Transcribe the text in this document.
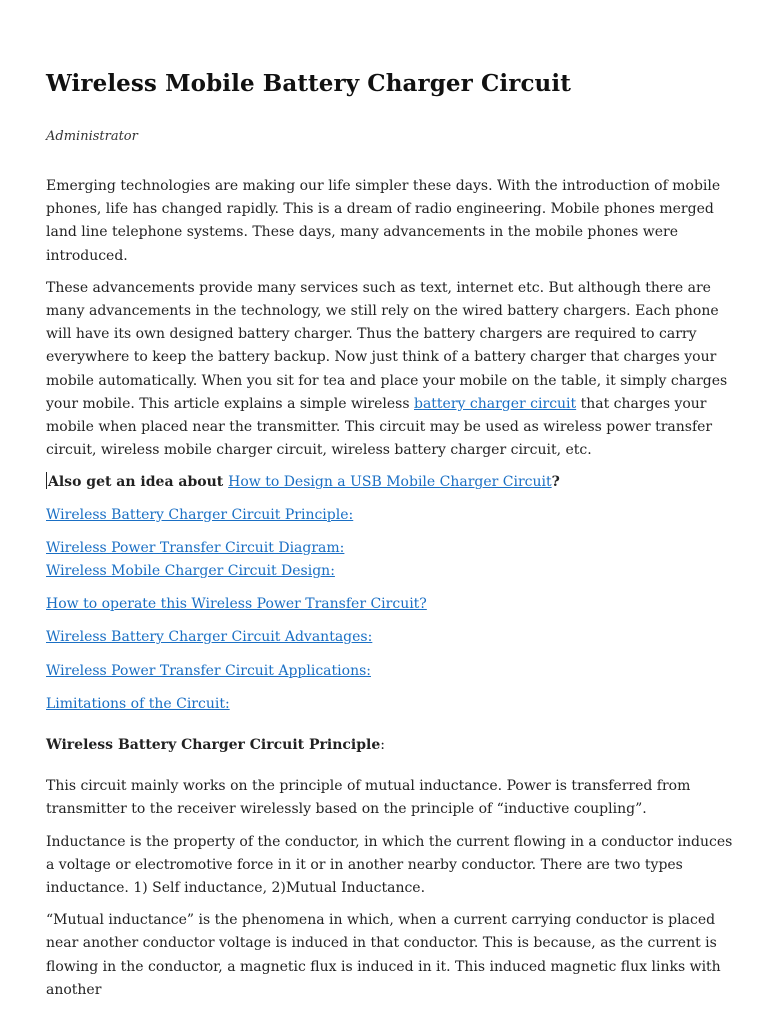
Wireless Mobile Battery Charger Circuit
Administrator

Emerging technologies are making our life simpler these days. With the introduction of mobile phones, life has changed rapidly. This is a dream of radio engineering. Mobile phones merged land line telephone systems. These days, many advancements in the mobile phones were introduced.

These advancements provide many services such as text, internet etc. But although there are many advancements in the technology, we still rely on the wired battery chargers. Each phone will have its own designed battery charger. Thus the battery chargers are required to carry everywhere to keep the battery backup. Now just think of a battery charger that charges your mobile automatically. When you sit for tea and place your mobile on the table, it simply charges your mobile. This article explains a simple wireless battery charger circuit that charges your mobile when placed near the transmitter. This circuit may be used as wireless power transfer circuit, wireless mobile charger circuit, wireless battery charger circuit, etc.

Also get an idea about How to Design a USB Mobile Charger Circuit?

Wireless Battery Charger Circuit Principle:
Wireless Power Transfer Circuit Diagram:
Wireless Mobile Charger Circuit Design:
How to operate this Wireless Power Transfer Circuit?
Wireless Battery Charger Circuit Advantages:
Wireless Power Transfer Circuit Applications:
Limitations of the Circuit:

Wireless Battery Charger Circuit Principle:

This circuit mainly works on the principle of mutual inductance. Power is transferred from transmitter to the receiver wirelessly based on the principle of “inductive coupling”.

Inductance is the property of the conductor, in which the current flowing in a conductor induces a voltage or electromotive force in it or in another nearby conductor. There are two types inductance. 1) Self inductance, 2)Mutual Inductance.

“Mutual inductance” is the phenomena in which, when a current carrying conductor is placed near another conductor voltage is induced in that conductor. This is because, as the current is flowing in the conductor, a magnetic flux is induced in it. This induced magnetic flux links with another
